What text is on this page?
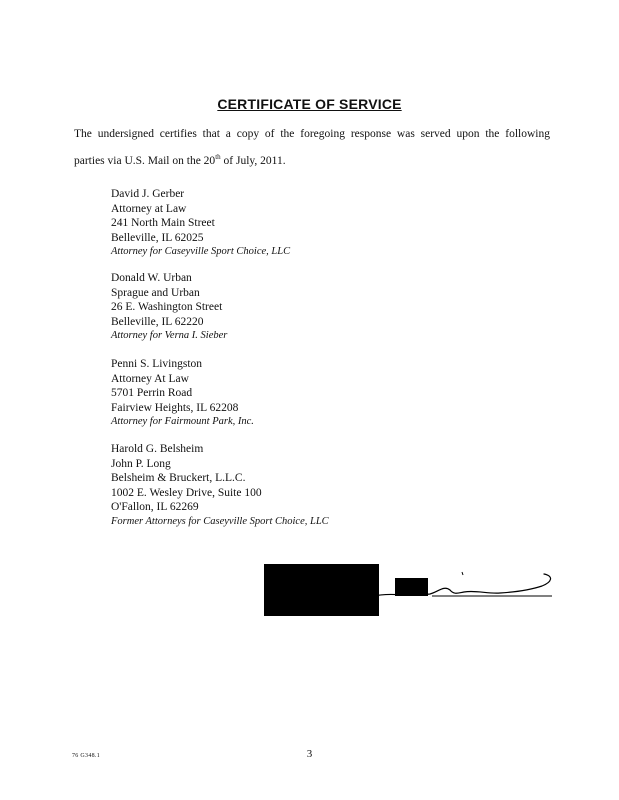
CERTIFICATE OF SERVICE
The undersigned certifies that a copy of the foregoing response was served upon the following
parties via U.S. Mail on the 20th of July, 2011.
David J. Gerber
Attorney at Law
241 North Main Street
Belleville, IL 62025
Attorney for Caseyville Sport Choice, LLC
Donald W. Urban
Sprague and Urban
26 E. Washington Street
Belleville, IL 62220
Attorney for Verna I. Sieber
Penni S. Livingston
Attorney At Law
5701 Perrin Road
Fairview Heights, IL 62208
Attorney for Fairmount Park, Inc.
Harold G. Belsheim
John P. Long
Belsheim & Bruckert, L.L.C.
1002 E. Wesley Drive, Suite 100
O'Fallon, IL 62269
Former Attorneys for Caseyville Sport Choice, LLC
76 G348.1	3
